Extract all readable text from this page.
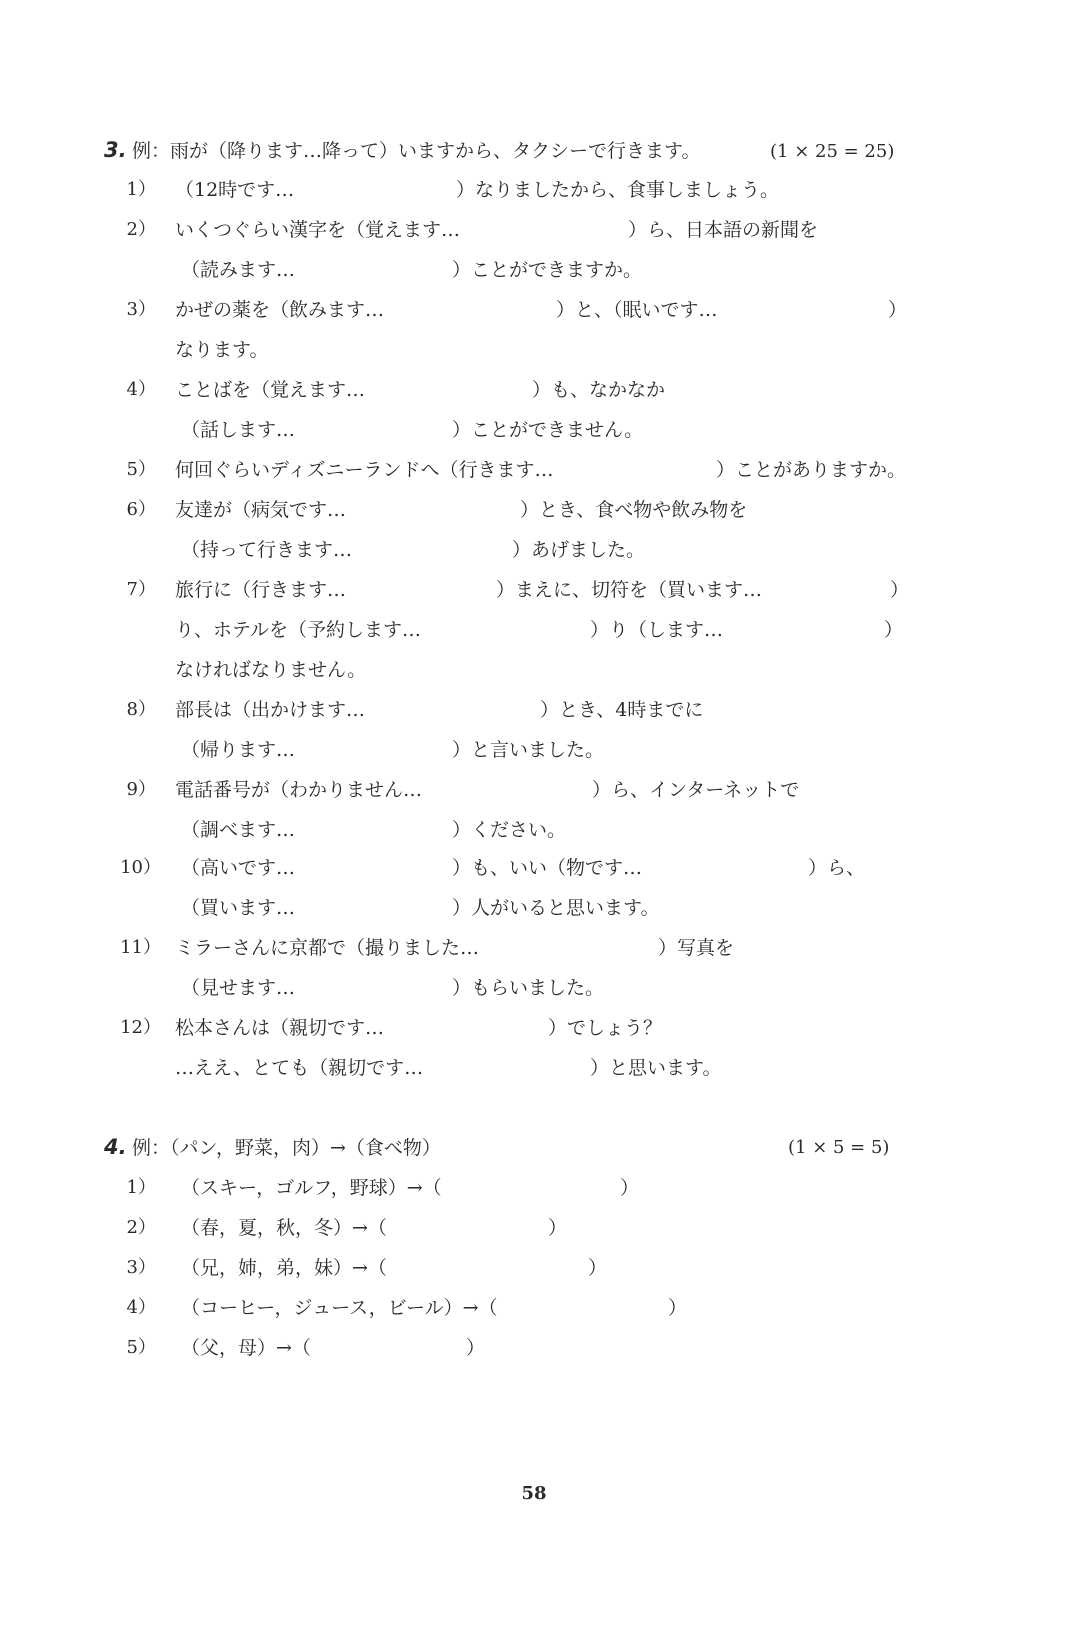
3. 例：雨が（降ります…降って）いますから、タクシーで行きます。	(1 × 25 = 25)
1） （12時です…	）なりましたから、食事しましょう。
2） いくつぐらい漢字を（覚えます…	）ら、日本語の新聞を
（読みます…	）ことができますか。
3） かぜの薬を（飲みます…	）と、（眠いです…	）
なります。
4） ことばを（覚えます…	）も、なかなか
（話します…	）ことができません。
5） 何回ぐらいディズニーランドへ（行きます…	）ことがありますか。
6） 友達が（病気です…	）とき、食べ物や飲み物を
（持って行きます…	）あげました。
7） 旅行に（行きます…	）まえに、切符を（買います…	）
り、ホテルを（予約します…	）り（します…	）
なければなりません。
8） 部長は（出かけます…	）とき、4時までに
（帰ります…	）と言いました。
9） 電話番号が（わかりません…	）ら、インターネットで
（調べます…	）ください。
10） （高いです…	）も、いい（物です…	）ら、
（買います…	）人がいると思います。
11） ミラーさんに京都で（撮りました…	）写真を
（見せます…	）もらいました。
12） 松本さんは（親切です…	）でしょう？
…ええ、とても（親切です…	）と思います。
4. 例：（パン，野菜，肉）→（食べ物）	(1 × 5 = 5)
1） （スキー，ゴルフ，野球）→（	）
2） （春，夏，秋，冬）→（	）
3） （兄，姉，弟，妹）→（	）
4） （コーヒー，ジュース，ビール）→（	）
5） （父，母）→（	）
58
